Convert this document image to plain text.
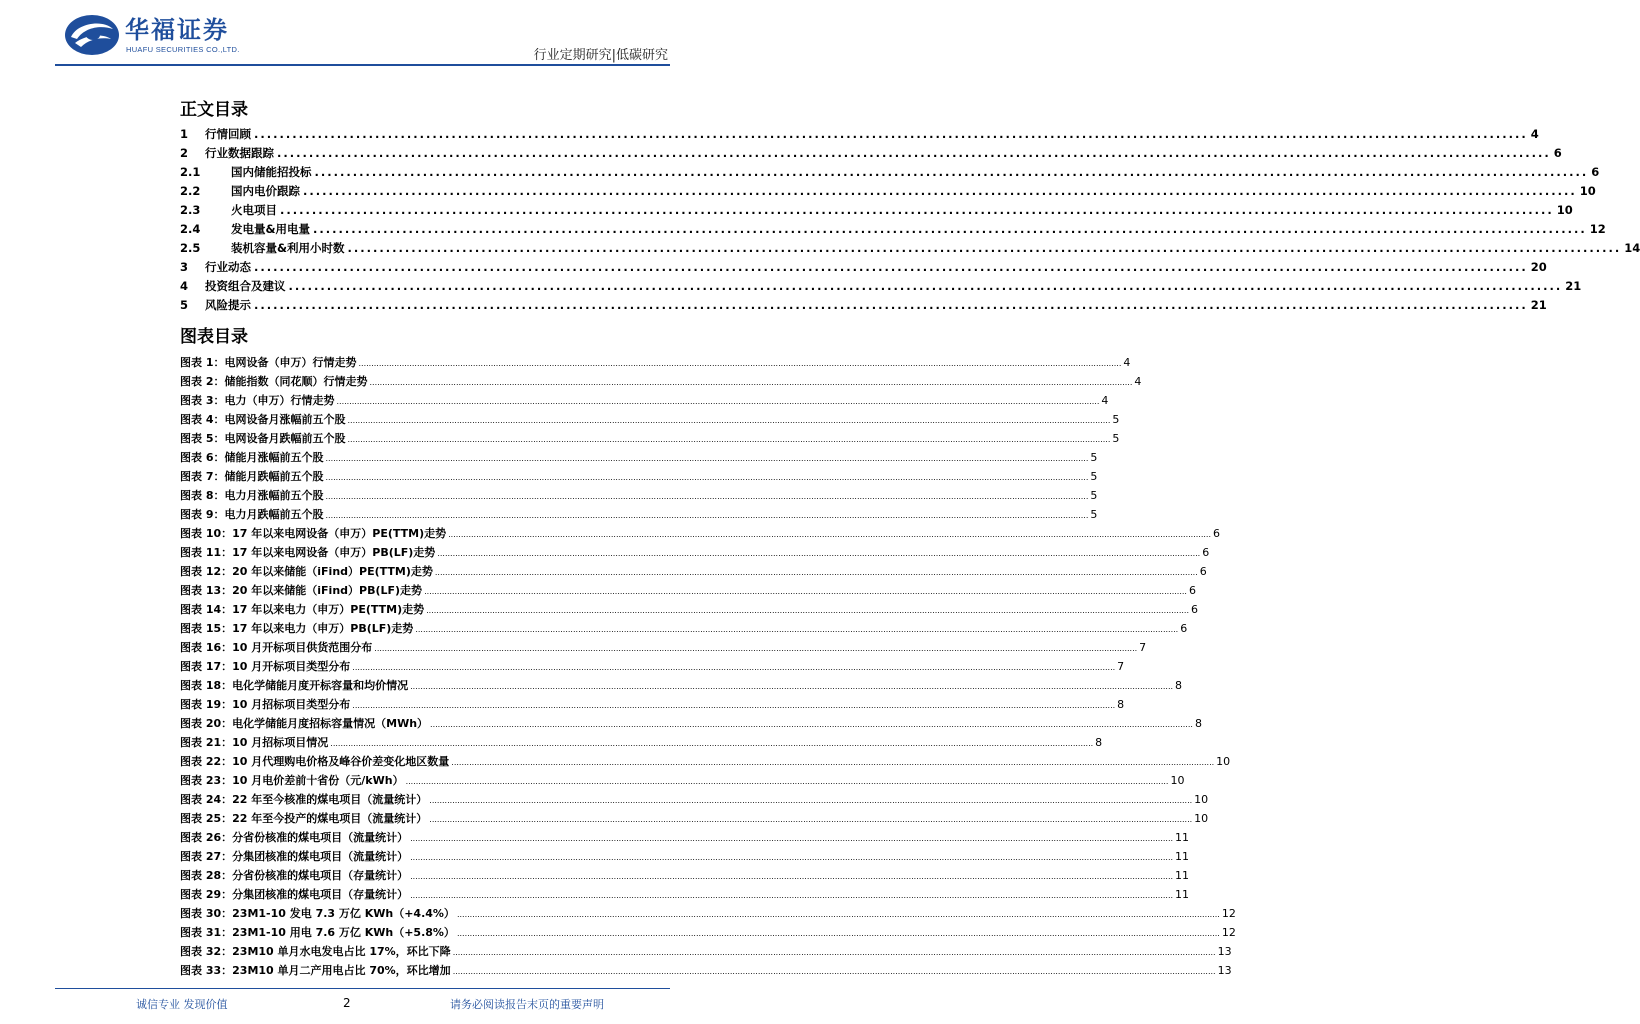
华福证券
HUAFU SECURITIES CO.,LTD.	行业定期研究|低碳研究
正文目录
1	行情回顾 ........................................................................................................................................................................................................ 4
2	行业数据跟踪 ........................................................................................................................................................................................................ 6
2.1	国内储能招投标 ........................................................................................................................................................................................................ 6
2.2	国内电价跟踪 ........................................................................................................................................................................................................ 10
2.3	火电项目 ........................................................................................................................................................................................................ 10
2.4	发电量&用电量 ........................................................................................................................................................................................................ 12
2.5	装机容量&利用小时数 ........................................................................................................................................................................................................ 14
3	行业动态 ........................................................................................................................................................................................................ 20
4	投资组合及建议 ........................................................................................................................................................................................................ 21
5	风险提示 ........................................................................................................................................................................................................ 21
图表目录
图表 1：电网设备（申万）行情走势 ............................................................................................................................................................................................................................................................................................................ 4
图表 2：储能指数（同花顺）行情走势 ............................................................................................................................................................................................................................................................................................................ 4
图表 3：电力（申万）行情走势 ............................................................................................................................................................................................................................................................................................................ 4
图表 4：电网设备月涨幅前五个股 ............................................................................................................................................................................................................................................................................................................ 5
图表 5：电网设备月跌幅前五个股 ............................................................................................................................................................................................................................................................................................................ 5
图表 6：储能月涨幅前五个股 ............................................................................................................................................................................................................................................................................................................ 5
图表 7：储能月跌幅前五个股 ............................................................................................................................................................................................................................................................................................................ 5
图表 8：电力月涨幅前五个股 ............................................................................................................................................................................................................................................................................................................ 5
图表 9：电力月跌幅前五个股 ............................................................................................................................................................................................................................................................................................................ 5
图表 10：17 年以来电网设备（申万）PE(TTM)走势 ............................................................................................................................................................................................................................................................................................................ 6
图表 11：17 年以来电网设备（申万）PB(LF)走势 ............................................................................................................................................................................................................................................................................................................ 6
图表 12：20 年以来储能（iFind）PE(TTM)走势 ............................................................................................................................................................................................................................................................................................................ 6
图表 13：20 年以来储能（iFind）PB(LF)走势 ............................................................................................................................................................................................................................................................................................................ 6
图表 14：17 年以来电力（申万）PE(TTM)走势 ............................................................................................................................................................................................................................................................................................................ 6
图表 15：17 年以来电力（申万）PB(LF)走势 ............................................................................................................................................................................................................................................................................................................ 6
图表 16：10 月开标项目供货范围分布 ............................................................................................................................................................................................................................................................................................................ 7
图表 17：10 月开标项目类型分布 ............................................................................................................................................................................................................................................................................................................ 7
图表 18：电化学储能月度开标容量和均价情况 ............................................................................................................................................................................................................................................................................................................ 8
图表 19：10 月招标项目类型分布 ............................................................................................................................................................................................................................................................................................................ 8
图表 20：电化学储能月度招标容量情况（MWh） ............................................................................................................................................................................................................................................................................................................ 8
图表 21：10 月招标项目情况 ............................................................................................................................................................................................................................................................................................................ 8
图表 22：10 月代理购电价格及峰谷价差变化地区数量 ............................................................................................................................................................................................................................................................................................................ 10
图表 23：10 月电价差前十省份（元/kWh） ............................................................................................................................................................................................................................................................................................................ 10
图表 24：22 年至今核准的煤电项目（流量统计） ............................................................................................................................................................................................................................................................................................................ 10
图表 25：22 年至今投产的煤电项目（流量统计） ............................................................................................................................................................................................................................................................................................................ 10
图表 26：分省份核准的煤电项目（流量统计） ............................................................................................................................................................................................................................................................................................................ 11
图表 27：分集团核准的煤电项目（流量统计） ............................................................................................................................................................................................................................................................................................................ 11
图表 28：分省份核准的煤电项目（存量统计） ............................................................................................................................................................................................................................................................................................................ 11
图表 29：分集团核准的煤电项目（存量统计） ............................................................................................................................................................................................................................................................................................................ 11
图表 30：23M1-10 发电 7.3 万亿 KWh（+4.4%） ............................................................................................................................................................................................................................................................................................................ 12
图表 31：23M1-10 用电 7.6 万亿 KWh（+5.8%） ............................................................................................................................................................................................................................................................................................................ 12
图表 32：23M10 单月水电发电占比 17%，环比下降 ............................................................................................................................................................................................................................................................................................................ 13
图表 33：23M10 单月二产用电占比 70%，环比增加 ............................................................................................................................................................................................................................................................................................................ 13
诚信专业 发现价值	2	请务必阅读报告末页的重要声明
